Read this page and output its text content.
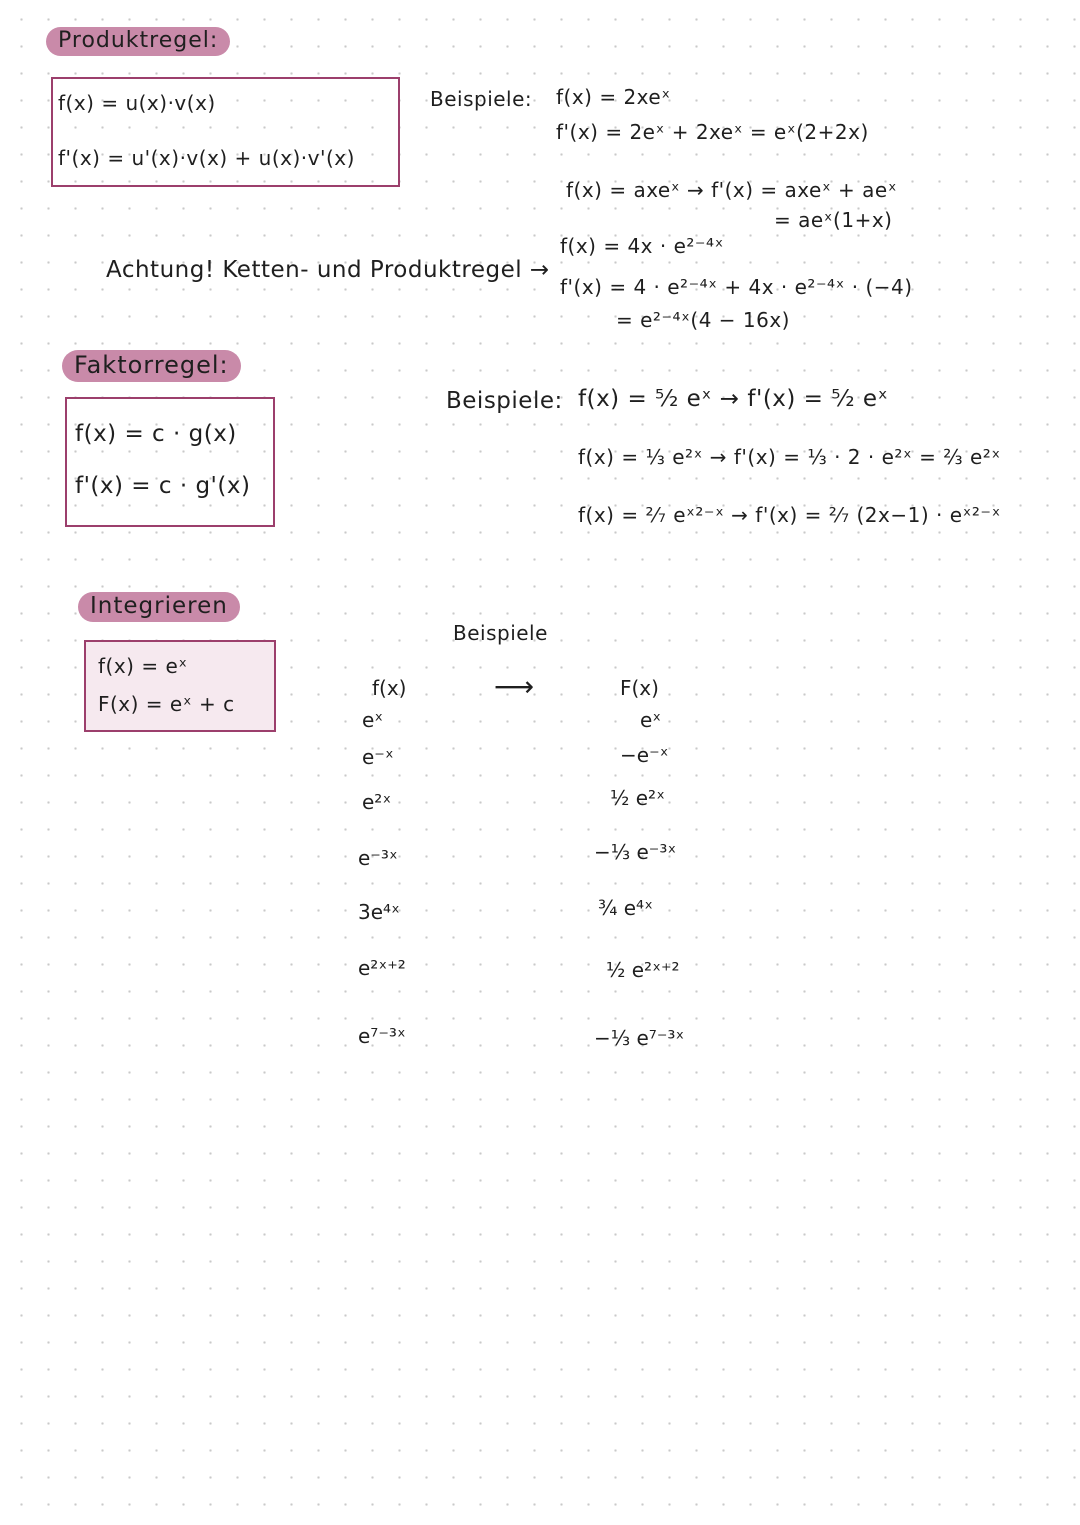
Produktregel:
f(x) = u(x)·v(x)
f'(x) = u'(x)·v(x) + u(x)·v'(x)
Beispiele: f(x) = 2xeˣ
f'(x) = 2eˣ + 2xeˣ = eˣ(2+2x)
f(x) = axeˣ → f'(x) = axeˣ + aeˣ
= aeˣ(1+x)
Achtung! Ketten- und Produktregel →
f(x) = 4x · e²⁻⁴ˣ
f'(x) = 4 · e²⁻⁴ˣ + 4x · e²⁻⁴ˣ · (−4)
= e²⁻⁴ˣ(4 − 16x)
Faktorregel:
f(x) = c · g(x)
f'(x) = c · g'(x)
Beispiele: f(x) = ⁵⁄₂ eˣ → f'(x) = ⁵⁄₂ eˣ
f(x) = ⅓ e²ˣ → f'(x) = ⅓ · 2 · e²ˣ = ⅔ e²ˣ
f(x) = ²⁄₇ eˣ²⁻ˣ → f'(x) = ²⁄₇ (2x−1) · eˣ²⁻ˣ
Integrieren
f(x) = eˣ
F(x) = eˣ + c
Beispiele
f(x)	⟶	F(x)
eˣ
e⁻ˣ
e²ˣ
e⁻³ˣ
3e⁴ˣ
e²ˣ⁺²
e⁷⁻³ˣ
eˣ
−e⁻ˣ
½ e²ˣ
−⅓ e⁻³ˣ
¾ e⁴ˣ
½ e²ˣ⁺²
−⅓ e⁷⁻³ˣ
